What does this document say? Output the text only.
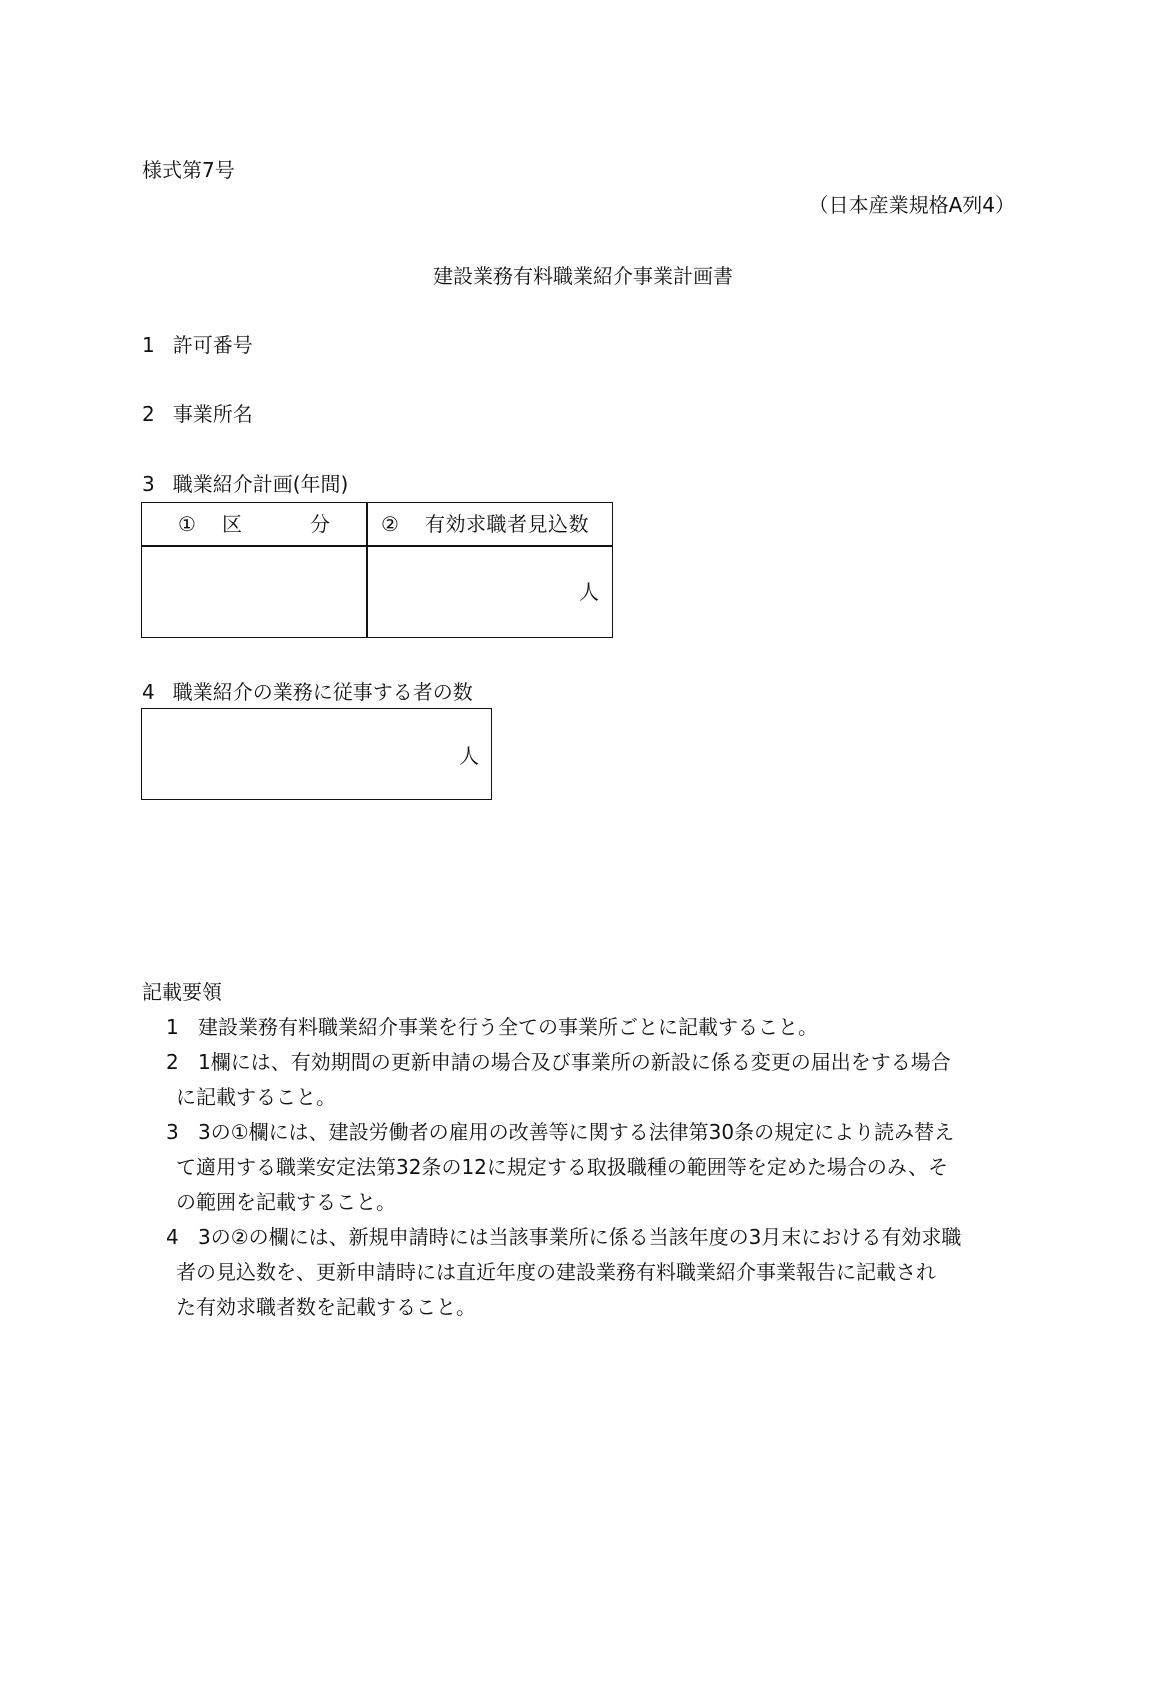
様式第7号
（日本産業規格A列4）
建設業務有料職業紹介事業計画書
1 許可番号
2 事業所名
3 職業紹介計画(年間)
① 区	分	② 有効求職者見込数
人
4 職業紹介の業務に従事する者の数
人
記載要領
1 建設業務有料職業紹介事業を行う全ての事業所ごとに記載すること。
2 1欄には、有効期間の更新申請の場合及び事業所の新設に係る変更の届出をする場合
に記載すること。
3 3の①欄には、建設労働者の雇用の改善等に関する法律第30条の規定により読み替え
て適用する職業安定法第32条の12に規定する取扱職種の範囲等を定めた場合のみ、そ
の範囲を記載すること。
4 3の②の欄には、新規申請時には当該事業所に係る当該年度の3月末における有効求職
者の見込数を、更新申請時には直近年度の建設業務有料職業紹介事業報告に記載され
た有効求職者数を記載すること。
